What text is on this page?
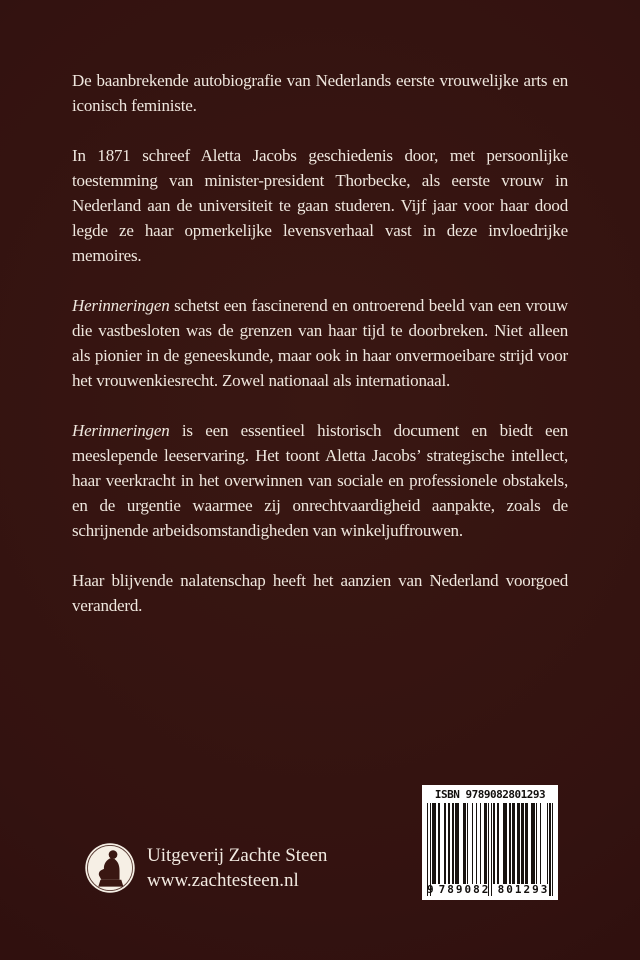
De baanbrekende autobiografie van Nederlands eerste vrouwelijke arts en iconisch feministe.

In 1871 schreef Aletta Jacobs geschiedenis door, met persoonlijke toestemming van minister-president Thorbecke, als eerste vrouw in Nederland aan de universiteit te gaan studeren. Vijf jaar voor haar dood legde ze haar opmerkelijke levensverhaal vast in deze invloedrijke memoires.

Herinneringen schetst een fascinerend en ontroerend beeld van een vrouw die vastbesloten was de grenzen van haar tijd te doorbreken. Niet alleen als pionier in de geneeskunde, maar ook in haar onvermoeibare strijd voor het vrouwenkiesrecht. Zowel nationaal als internationaal.

Herinneringen is een essentieel historisch document en biedt een meeslepende leeservaring. Het toont Aletta Jacobs’ strategische intellect, haar veerkracht in het overwinnen van sociale en professionele obstakels, en de urgentie waarmee zij onrechtvaardigheid aanpakte, zoals de schrijnende arbeidsomstandigheden van winkeljuffrouwen.

Haar blijvende nalatenschap heeft het aanzien van Nederland voorgoed veranderd.

Uitgeverij Zachte Steen
www.zachtesteen.nl
ISBN 9789082801293
9 789082 801293
